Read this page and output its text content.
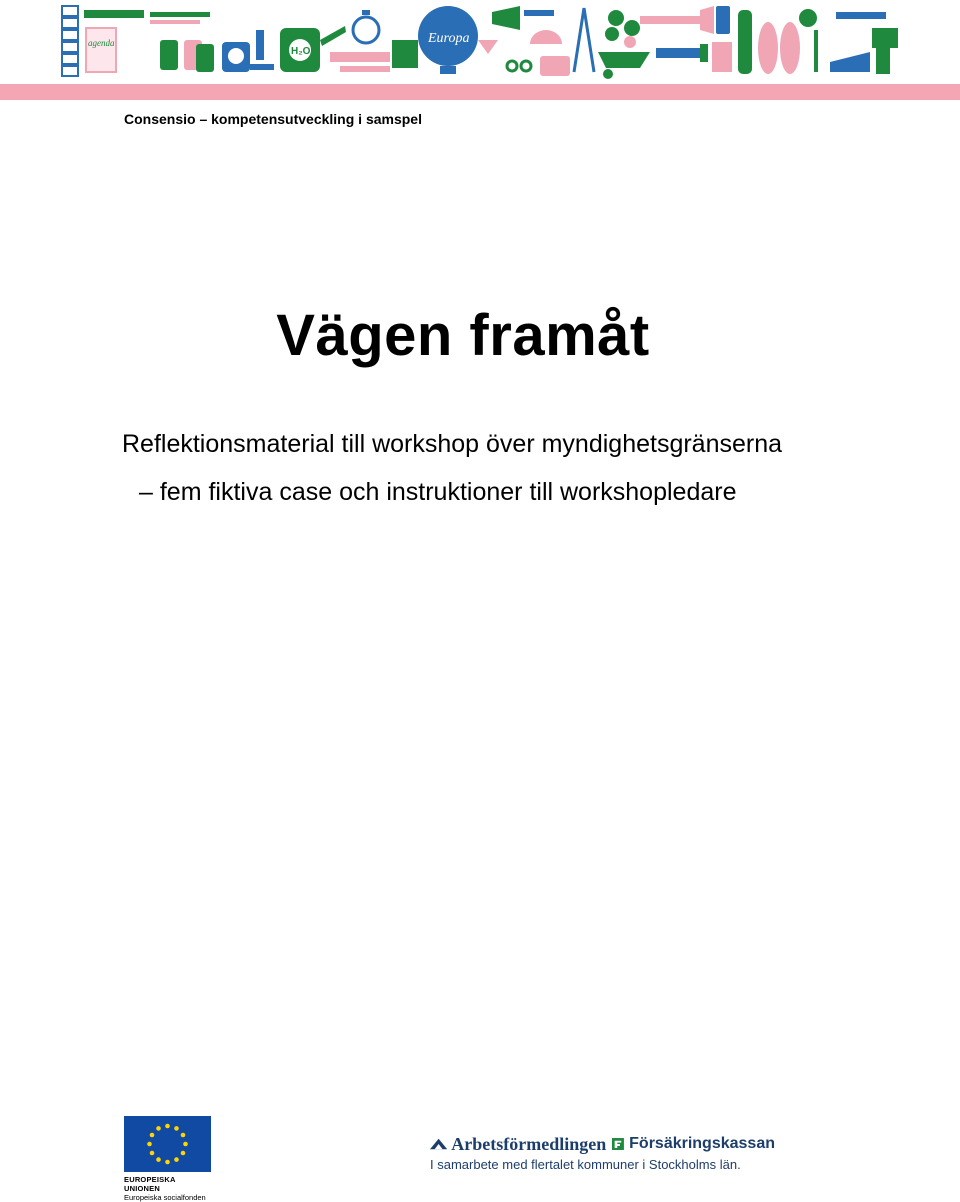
agenda
H₂O
Europa
Consensio – kompetensutveckling i samspel
Vägen framåt
Reflektionsmaterial till workshop över myndighetsgränserna
– fem fiktiva case och instruktioner till workshopledare
EUROPEISKA UNIONEN
Europeiska socialfonden
Arbetsförmedlingen Försäkringskassan
I samarbete med flertalet kommuner i Stockholms län.
